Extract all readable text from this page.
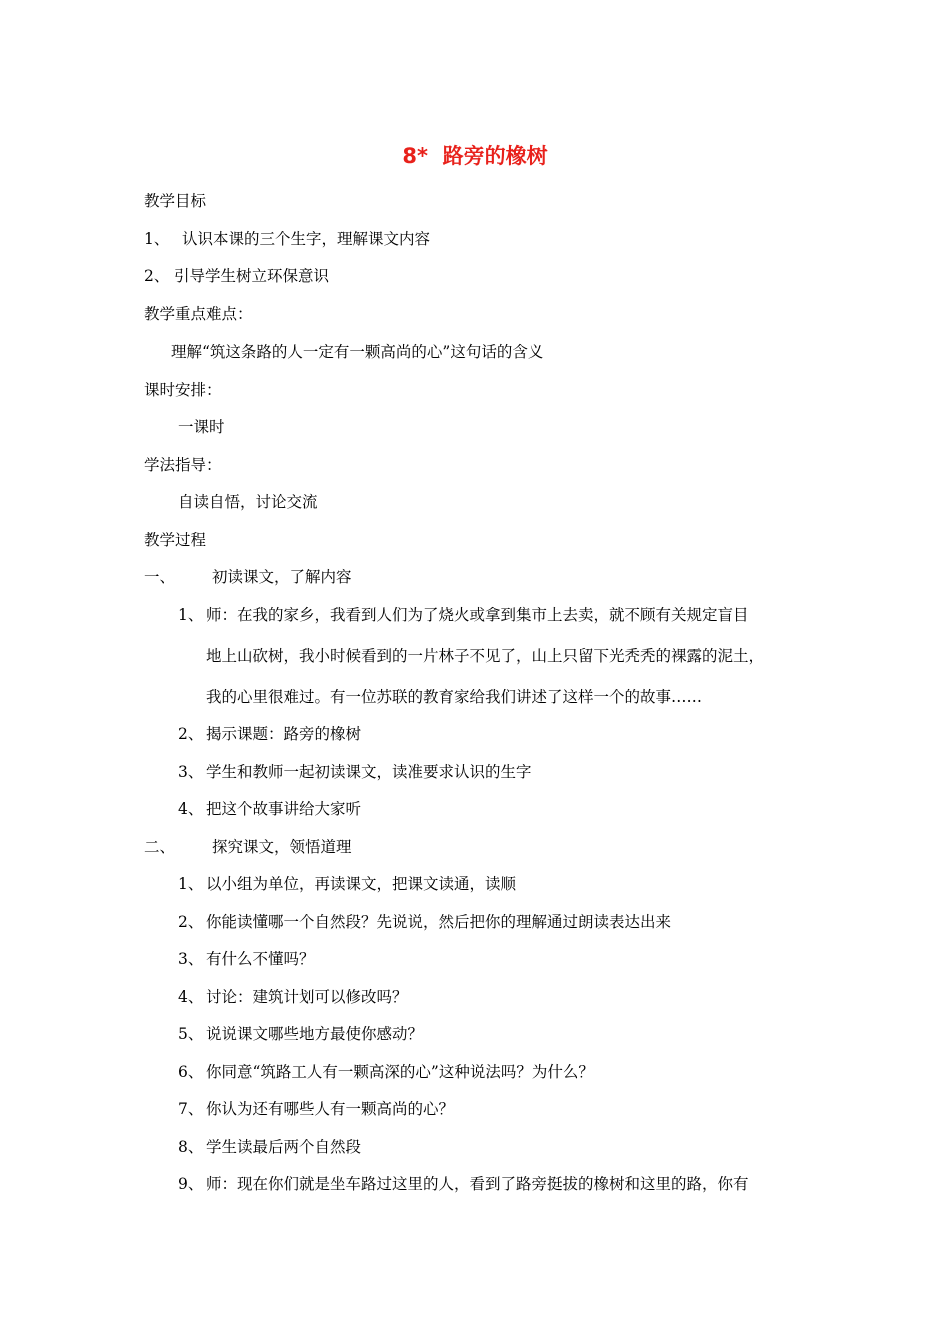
8*  路旁的橡树
教学目标
1、 认识本课的三个生字，理解课文内容
2、 引导学生树立环保意识
教学重点难点：
理解“筑这条路的人一定有一颗高尚的心”这句话的含义
课时安排：
一课时
学法指导：
自读自悟，讨论交流
教学过程
一、 初读课文，了解内容
1、 师：在我的家乡，我看到人们为了烧火或拿到集市上去卖，就不顾有关规定盲目
地上山砍树，我小时候看到的一片林子不见了，山上只留下光秃秃的裸露的泥土，
我的心里很难过。有一位苏联的教育家给我们讲述了这样一个的故事……
2、 揭示课题：路旁的橡树
3、 学生和教师一起初读课文，读准要求认识的生字
4、 把这个故事讲给大家听
二、 探究课文，领悟道理
1、 以小组为单位，再读课文，把课文读通，读顺
2、 你能读懂哪一个自然段？先说说，然后把你的理解通过朗读表达出来
3、 有什么不懂吗？
4、 讨论：建筑计划可以修改吗？
5、 说说课文哪些地方最使你感动？
6、 你同意“筑路工人有一颗高深的心”这种说法吗？为什么？
7、 你认为还有哪些人有一颗高尚的心？
8、 学生读最后两个自然段
9、 师：现在你们就是坐车路过这里的人，看到了路旁挺拔的橡树和这里的路，你有
